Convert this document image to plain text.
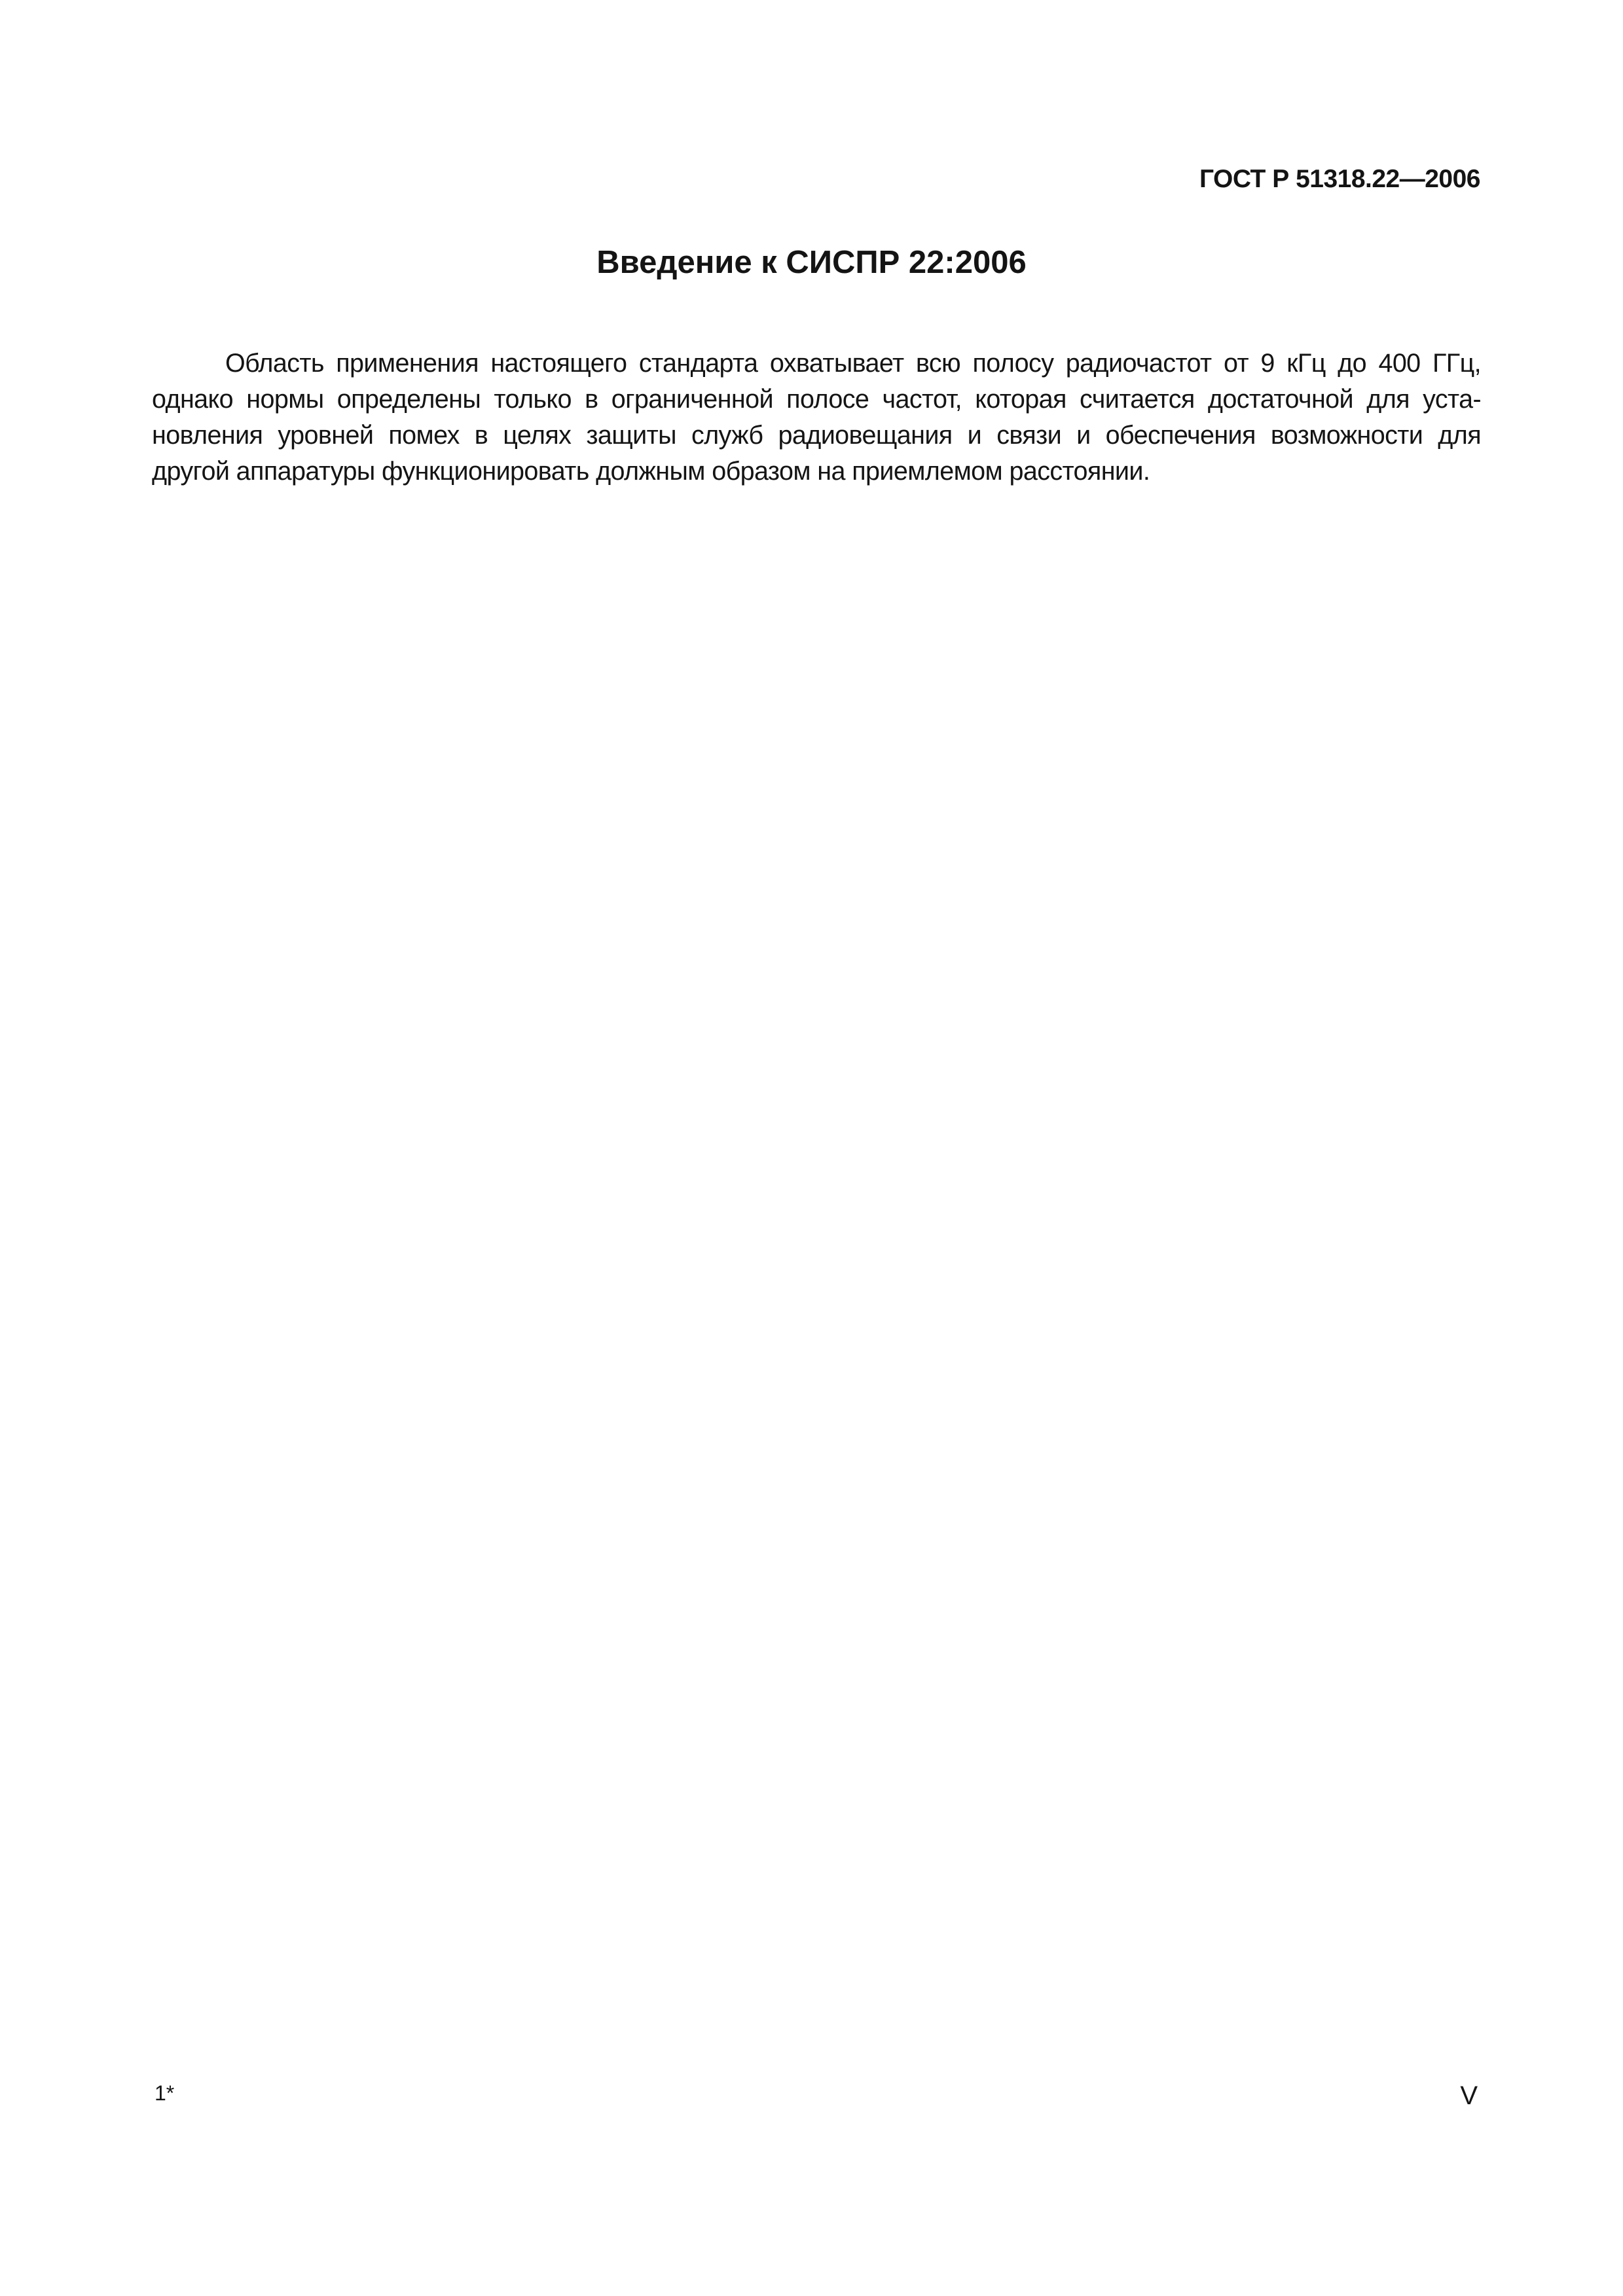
ГОСТ Р 51318.22—2006
Введение к СИСПР 22:2006
Область применения настоящего стандарта охватывает всю полосу радиочастот от 9 кГц до 400 ГГц,
однако нормы определены только в ограниченной полосе частот, которая считается достаточной для уста-
новления уровней помех в целях защиты служб радиовещания и связи и обеспечения возможности для
другой аппаратуры функционировать должным образом на приемлемом расстоянии.
1*	V
